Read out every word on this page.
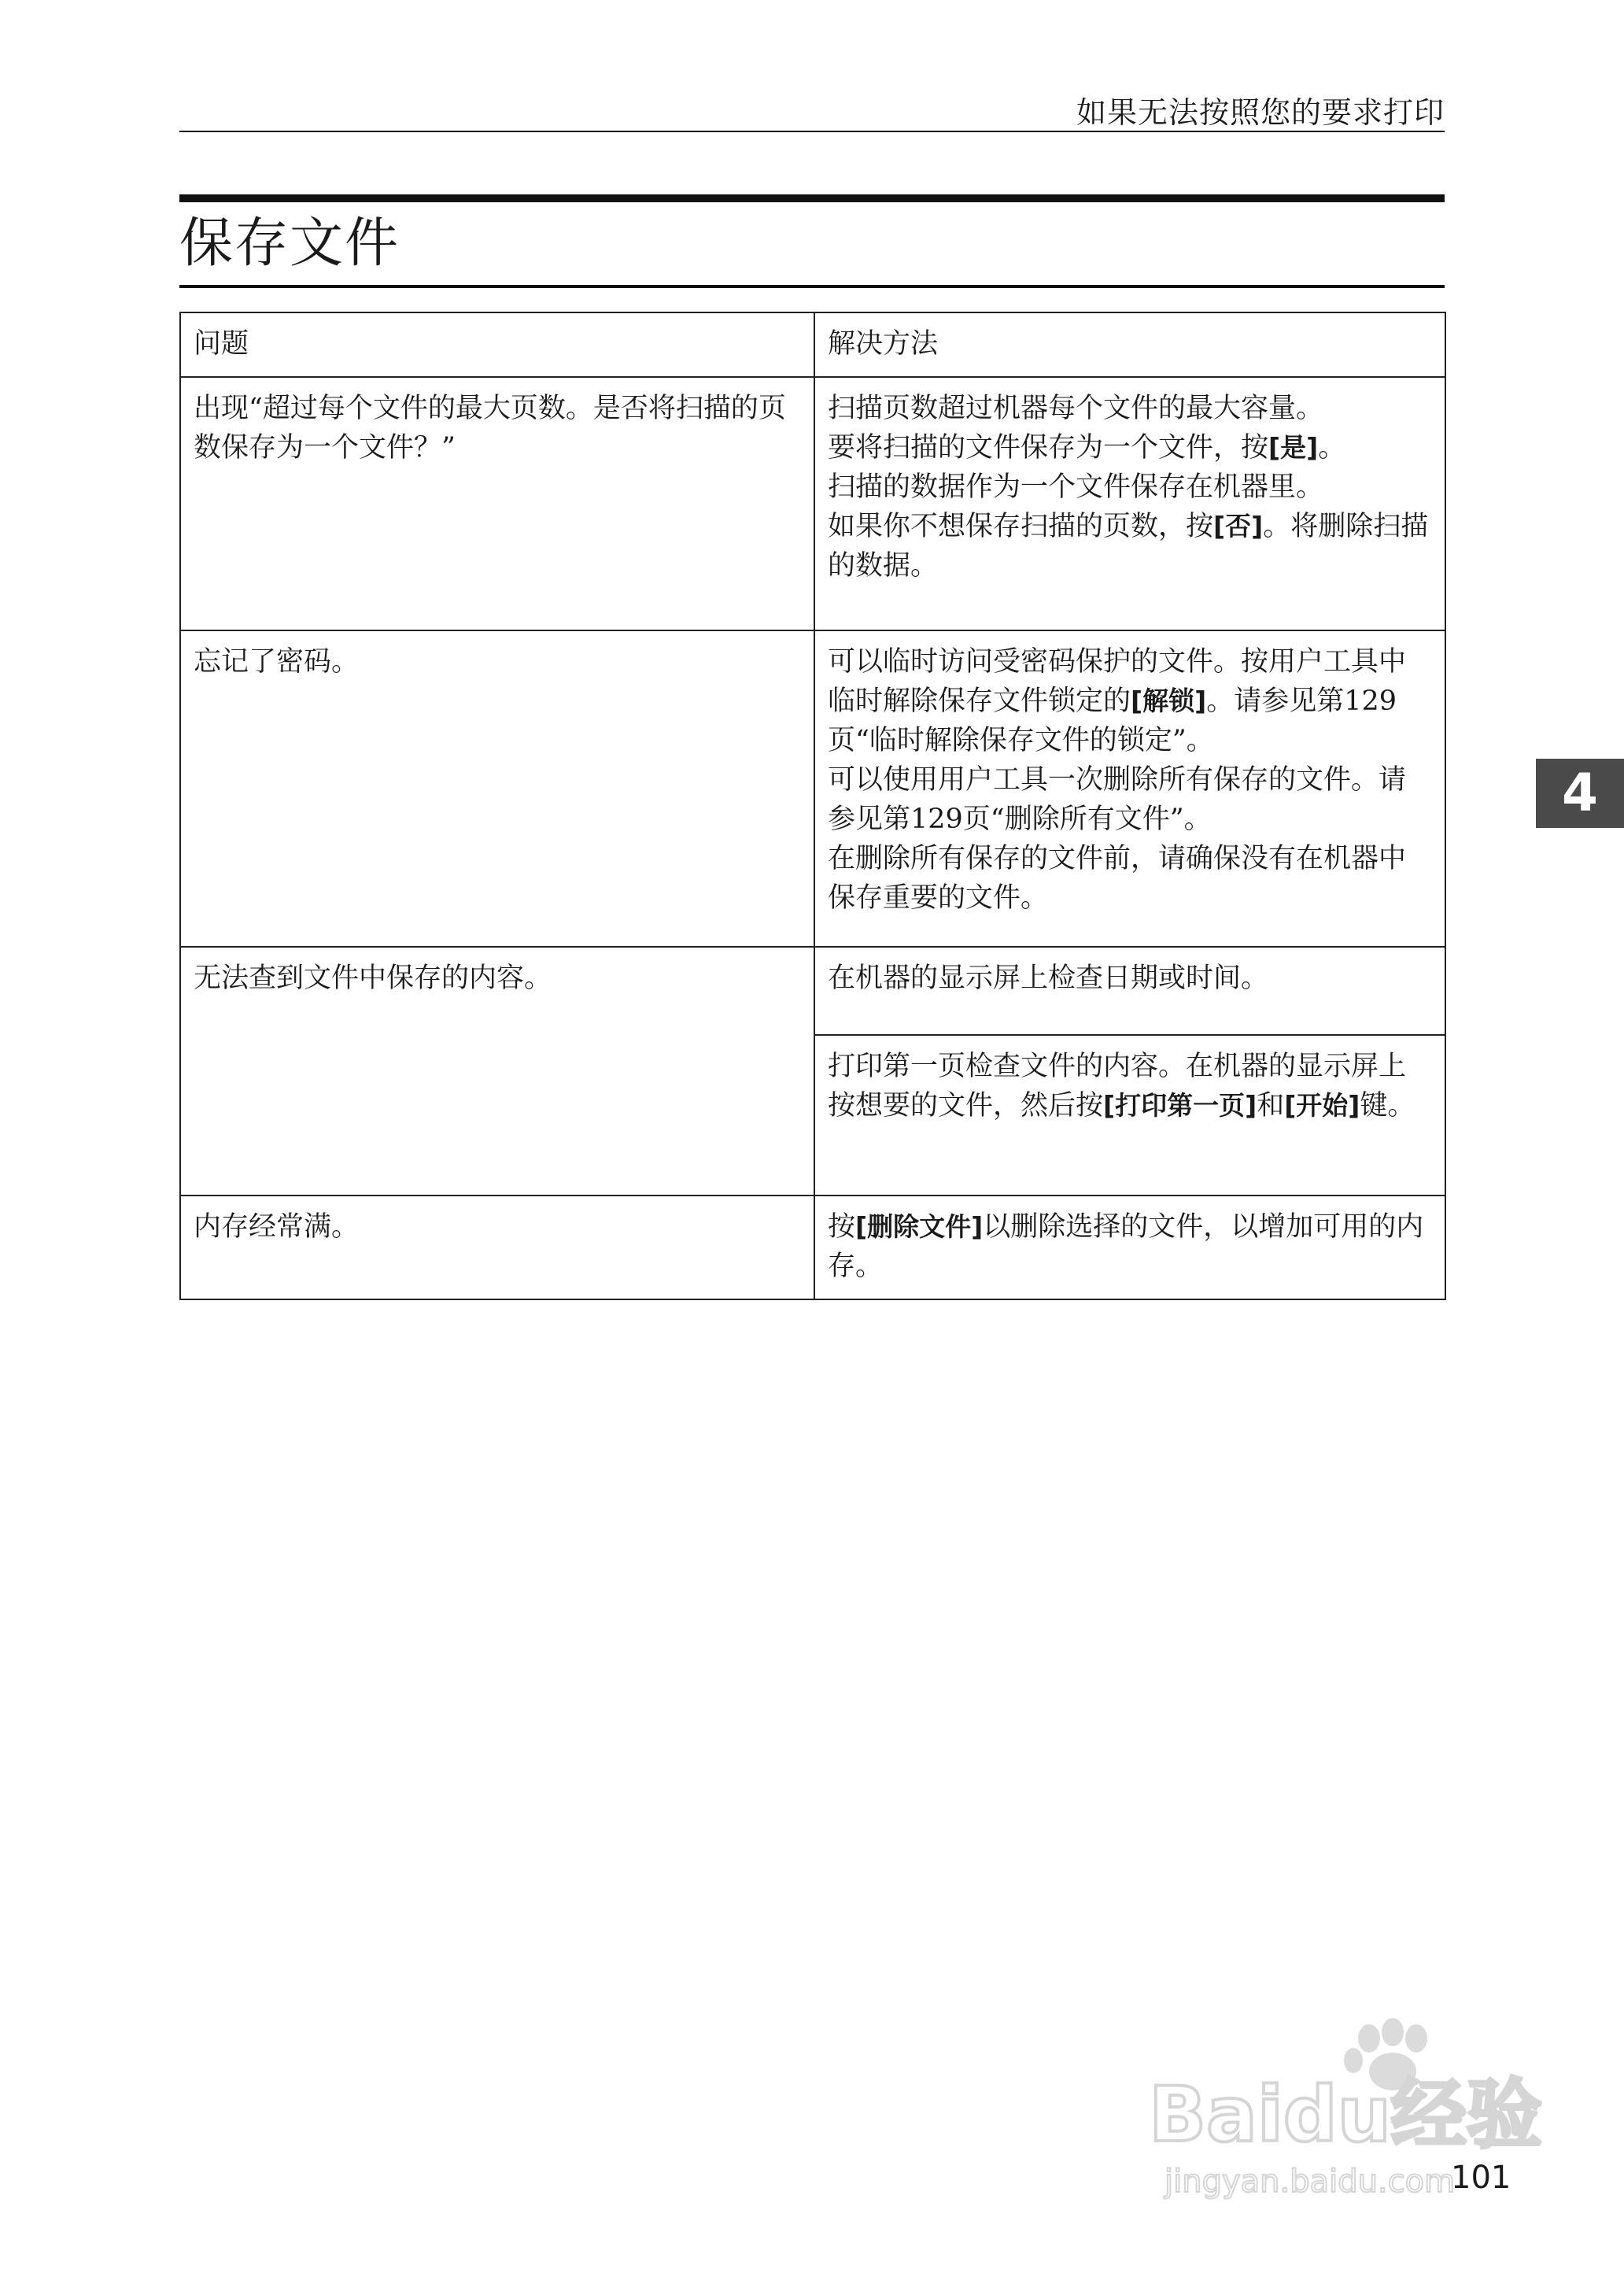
如果无法按照您的要求打印
保存文件
问题	解决方法
出现“超过每个文件的最大页数。是否将扫描的页数保存为一个文件？”	扫描页数超过机器每个文件的最大容量。
要将扫描的文件保存为一个文件，按[是]。
扫描的数据作为一个文件保存在机器里。
如果你不想保存扫描的页数，按[否]。将删除扫描的数据。

忘记了密码。	可以临时访问受密码保护的文件。按用户工具中临时解除保存文件锁定的[解锁]。请参见第129页“临时解除保存文件的锁定”。
可以使用用户工具一次删除所有保存的文件。请参见第129页“删除所有文件”。
在删除所有保存的文件前，请确保没有在机器中保存重要的文件。

无法查到文件中保存的内容。	在机器的显示屏上检查日期或时间。

	打印第一页检查文件的内容。在机器的显示屏上按想要的文件，然后按[打印第一页]和[开始]键。

内存经常满。	按[删除文件]以删除选择的文件，以增加可用的内存。
4
Baidu经验
jingyan.baidu.com
101
